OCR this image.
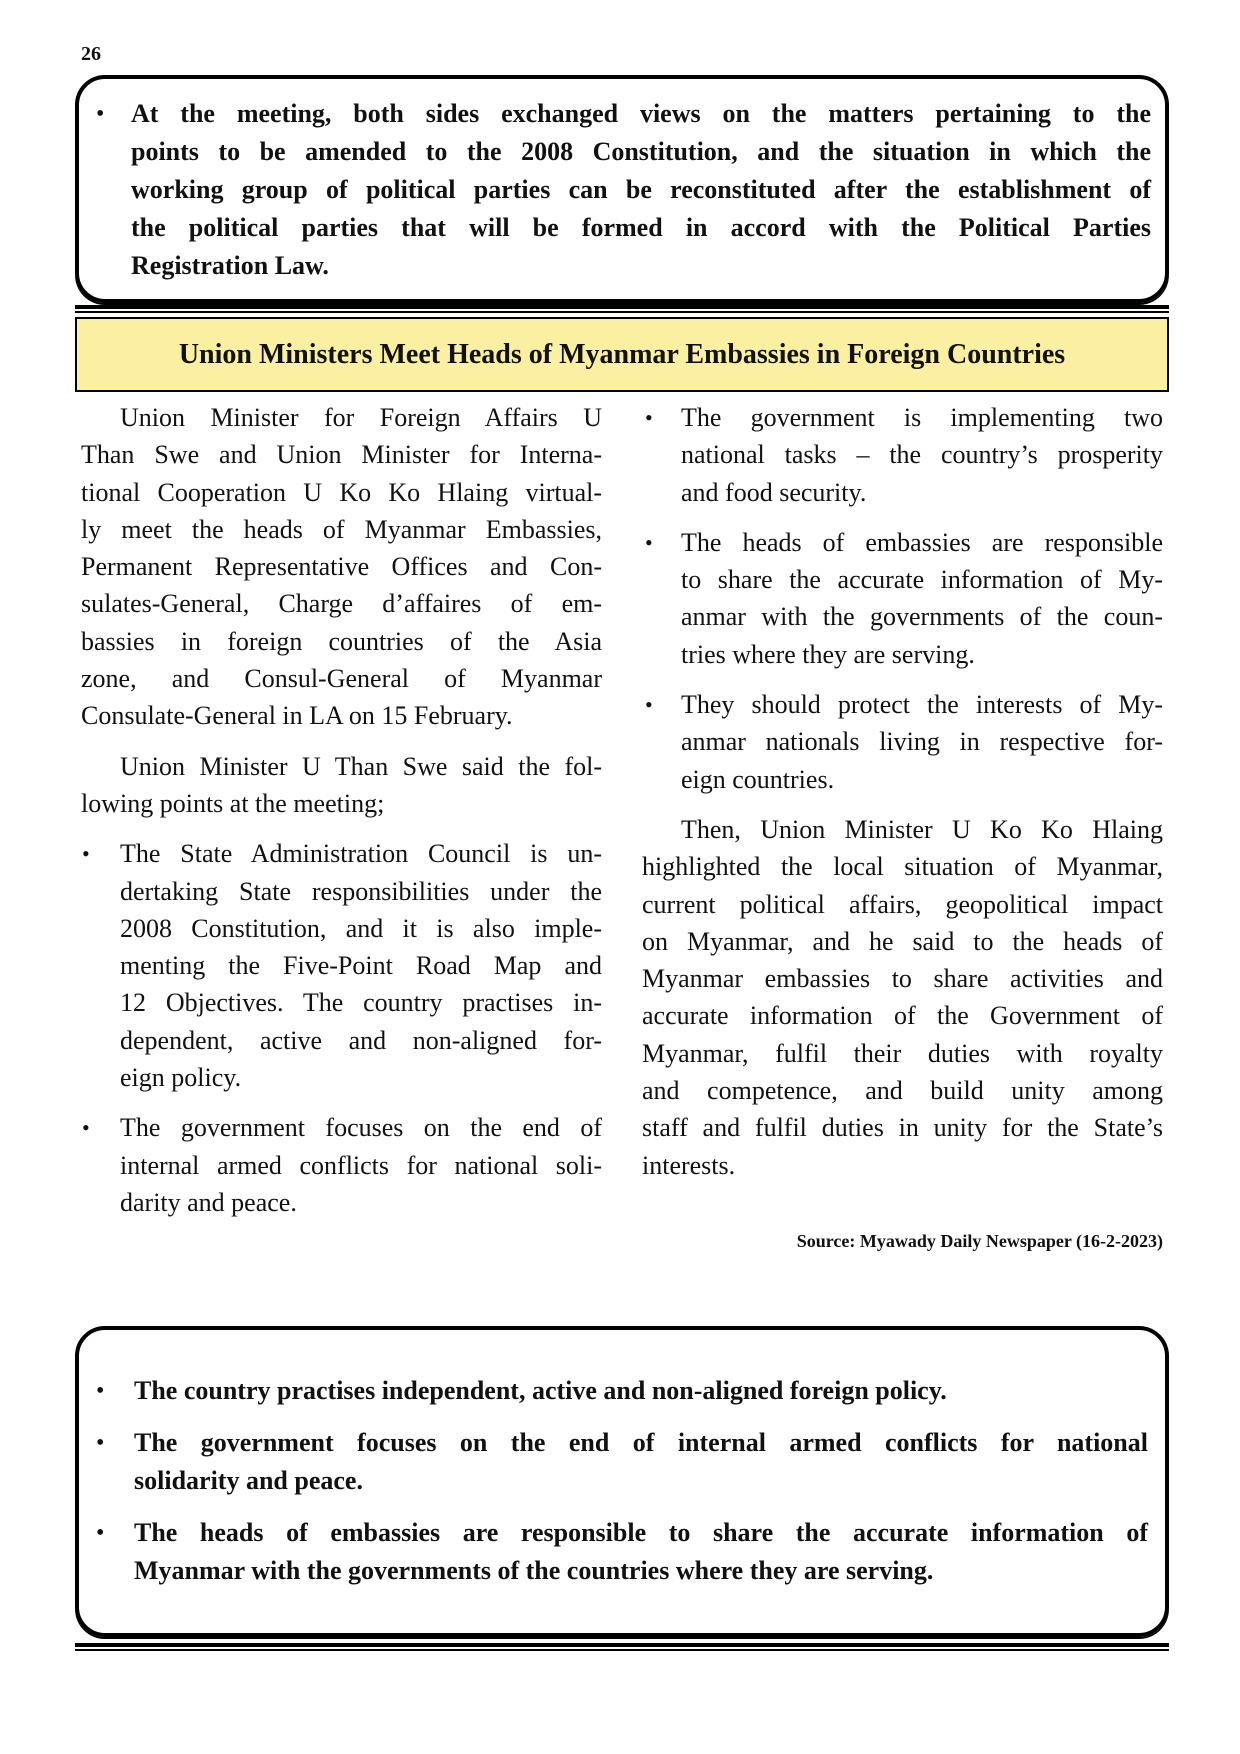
26
• At the meeting, both sides exchanged views on the matters pertaining to the
points to be amended to the 2008 Constitution, and the situation in which the
working group of political parties can be reconstituted after the establishment of
the political parties that will be formed in accord with the Political Parties
Registration Law.
Union Ministers Meet Heads of Myanmar Embassies in Foreign Countries
Union Minister for Foreign Affairs U
Than Swe and Union Minister for Interna-
tional Cooperation U Ko Ko Hlaing virtual-
ly meet the heads of Myanmar Embassies,
Permanent Representative Offices and Con-
sulates-General, Charge d’affaires of em-
bassies in foreign countries of the Asia
zone, and Consul-General of Myanmar
Consulate-General in LA on 15 February.
Union Minister U Than Swe said the fol-
lowing points at the meeting;
• The State Administration Council is un-
dertaking State responsibilities under the
2008 Constitution, and it is also imple-
menting the Five-Point Road Map and
12 Objectives. The country practises in-
dependent, active and non-aligned for-
eign policy.
• The government focuses on the end of
internal armed conflicts for national soli-
darity and peace.
• The government is implementing two
national tasks – the country’s prosperity
and food security.
• The heads of embassies are responsible
to share the accurate information of My-
anmar with the governments of the coun-
tries where they are serving.
• They should protect the interests of My-
anmar nationals living in respective for-
eign countries.
Then, Union Minister U Ko Ko Hlaing
highlighted the local situation of Myanmar,
current political affairs, geopolitical impact
on Myanmar, and he said to the heads of
Myanmar embassies to share activities and
accurate information of the Government of
Myanmar, fulfil their duties with royalty
and competence, and build unity among
staff and fulfil duties in unity for the State’s
interests.
Source: Myawady Daily Newspaper (16-2-2023)
• The country practises independent, active and non-aligned foreign policy.
• The government focuses on the end of internal armed conflicts for national
solidarity and peace.
• The heads of embassies are responsible to share the accurate information of
Myanmar with the governments of the countries where they are serving.
